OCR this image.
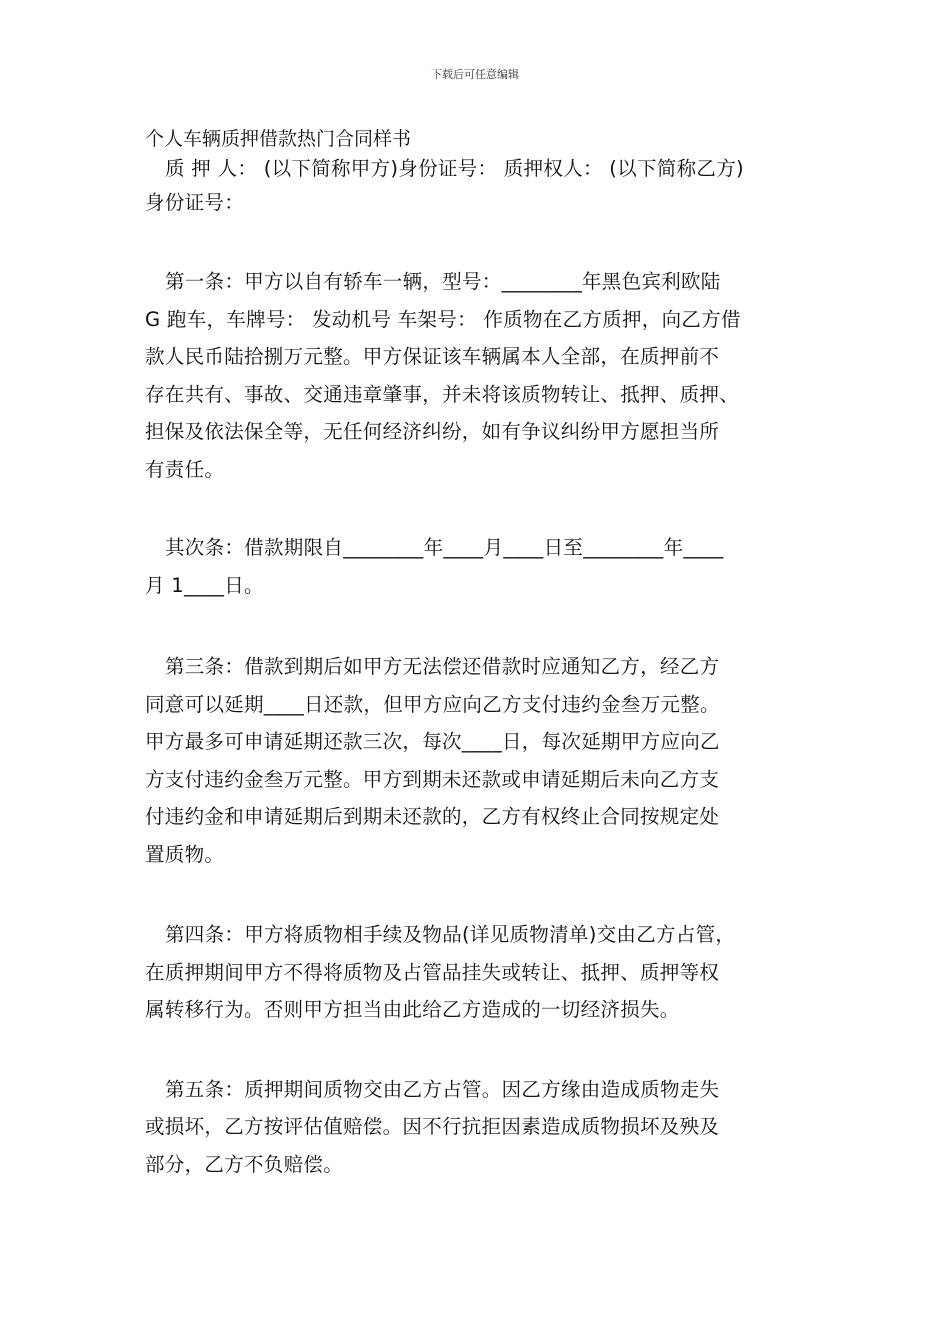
下载后可任意编辑
个人车辆质押借款热门合同样书
质 押 人： (以下简称甲方)身份证号： 质押权人： (以下简称乙方)
身份证号：
第一条：甲方以自有轿车一辆，型号：________年黑色宾利欧陆
G 跑车，车牌号： 发动机号 车架号： 作质物在乙方质押，向乙方借
款人民币陆拾捌万元整。甲方保证该车辆属本人全部，在质押前不
存在共有、事故、交通违章肇事，并未将该质物转让、抵押、质押、
担保及依法保全等，无任何经济纠纷，如有争议纠纷甲方愿担当所
有责任。
其次条：借款期限自________年____月____日至________年____
月 1____日。
第三条：借款到期后如甲方无法偿还借款时应通知乙方，经乙方
同意可以延期____日还款，但甲方应向乙方支付违约金叁万元整。
甲方最多可申请延期还款三次，每次____日，每次延期甲方应向乙
方支付违约金叁万元整。甲方到期未还款或申请延期后未向乙方支
付违约金和申请延期后到期未还款的，乙方有权终止合同按规定处
置质物。
第四条：甲方将质物相手续及物品(详见质物清单)交由乙方占管，
在质押期间甲方不得将质物及占管品挂失或转让、抵押、质押等权
属转移行为。否则甲方担当由此给乙方造成的一切经济损失。
第五条：质押期间质物交由乙方占管。因乙方缘由造成质物走失
或损坏，乙方按评估值赔偿。因不行抗拒因素造成质物损坏及殃及
部分，乙方不负赔偿。
